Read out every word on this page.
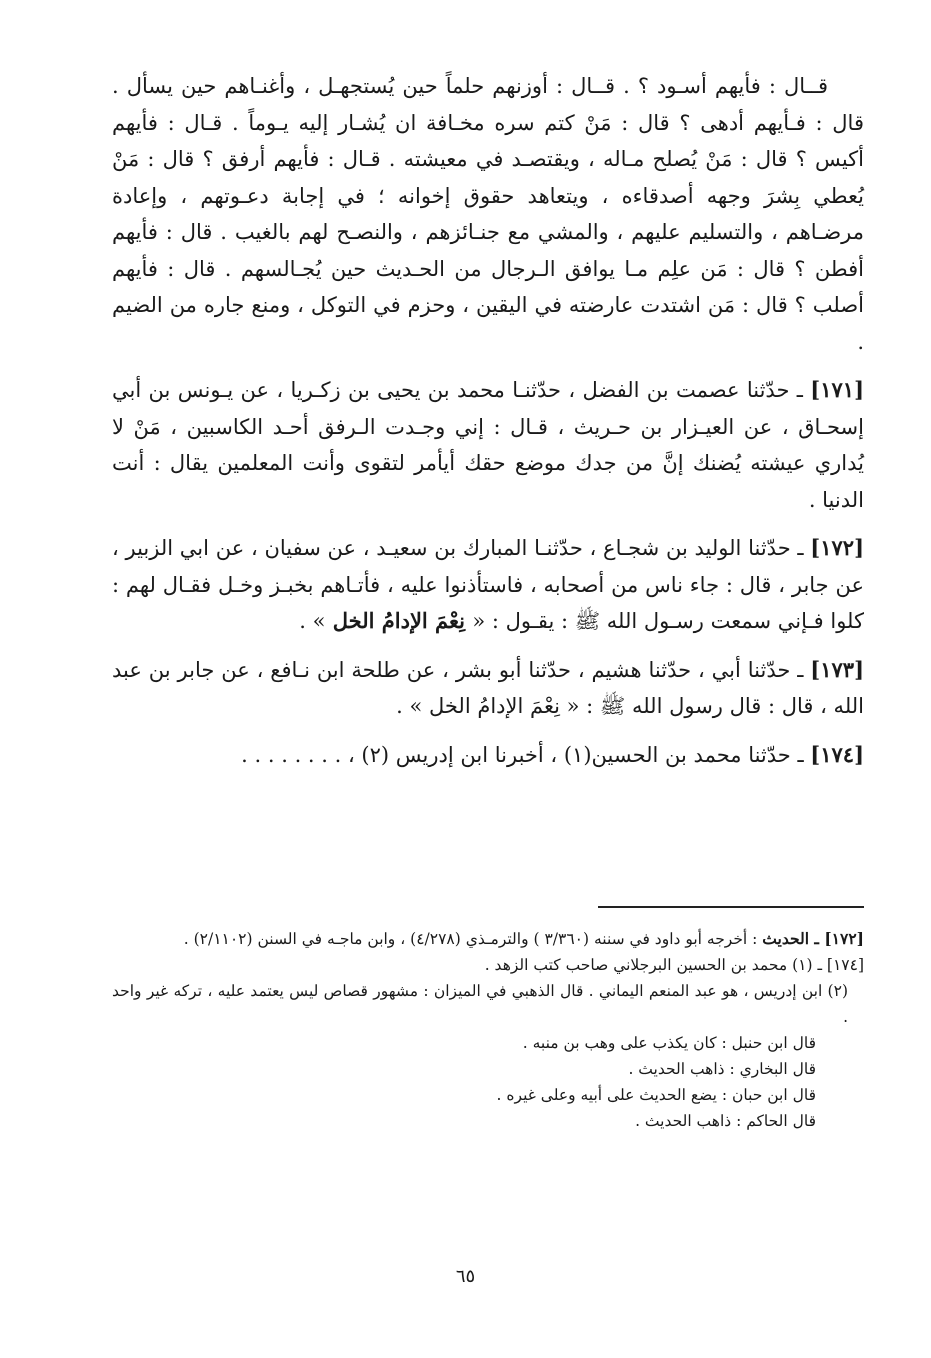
قــال : فأيهم أسـود ؟ . قــال : أوزنهم حلماً حين يُستجهـل ، وأغنـاهم حين يسأل . قال : فـأيهم أدهى ؟ قال : مَنْ كتم سره مخـافة ان يُشـار إليه يـوماً . قـال : فأيهم أكيس ؟ قال : مَنْ يُصلح مـاله ، ويقتصـد في معيشته . قـال : فأيهم أرفق ؟ قال : مَنْ يُعطي بِشرَ وجهه أصدقاءه ، ويتعاهد حقوق إخوانه ؛ في إجابة دعـوتهم ، وإعادة مرضـاهم ، والتسليم عليهم ، والمشي مع جنـائزهم ، والنصـح لهم بالغيب . قال : فأيهم أفطن ؟ قال : مَن علِم مـا يوافق الـرجال من الحـديث حين يُجـالسهم . قال : فأيهم أصلب ؟ قال : مَن اشتدت عارضته في اليقين ، وحزم في التوكل ، ومنع جاره من الضيم .

[١٧١] ـ حدّثنا عصمت بن الفضل ، حدّثنـا محمد بن يحيى بن زكـريا ، عن يـونس بن أبي إسحـاق ، عن العيـزار بن حـريث ، قـال : إني وجـدت الـرفق أحـد الكاسبين ، مَنْ لا يُداري عيشته يُضنك إنَّ من جدك موضع حقك أيأمر لتقوى وأنت المعلمين يقال : أنت الدنيا .

[١٧٢] ـ حدّثنا الوليد بن شجـاع ، حدّثنـا المبارك بن سعيـد ، عن سفيان ، عن ابي الزبير ، عن جابر ، قال : جاء ناس من أصحابه ، فاستأذنوا عليه ، فأتـاهم بخبـز وخـل فقـال لهم : كلوا فـإني سمعت رسـول الله ﷺ : يقـول : « نِعْمَ الإدامُ الخل » .

[١٧٣] ـ حدّثنا أبي ، حدّثنا هشيم ، حدّثنا أبو بشر ، عن طلحة ابن نـافع ، عن جابر بن عبد الله ، قال : قال رسول الله ﷺ : « نِعْمَ الإدامُ الخل » .

[١٧٤] ـ حدّثنا محمد بن الحسين(١) ، أخبرنا ابن إدريس (٢) ، . . . . . . . .

[١٧٢] ـ الحديث : أخرجه أبو داود في سننه (٣/٣٦٠ ) والترمـذي (٤/٢٧٨) ، وابن ماجـه في السنن (٢/١١٠٢) .

[١٧٤] ـ (١) محمد بن الحسين البرجلاني صاحب كتب الزهد .

(٢) ابن إدريس ، هو عبد المنعم اليماني . قال الذهبي في الميزان : مشهور قصاص ليس يعتمد عليه ، تركه غير واحد .

قال ابن حنبل : كان يكذب على وهب بن منبه .

قال البخاري : ذاهب الحديث .

قال ابن حبان : يضع الحديث على أبيه وعلى غيره .

قال الحاكم : ذاهب الحديث .

٦٥
